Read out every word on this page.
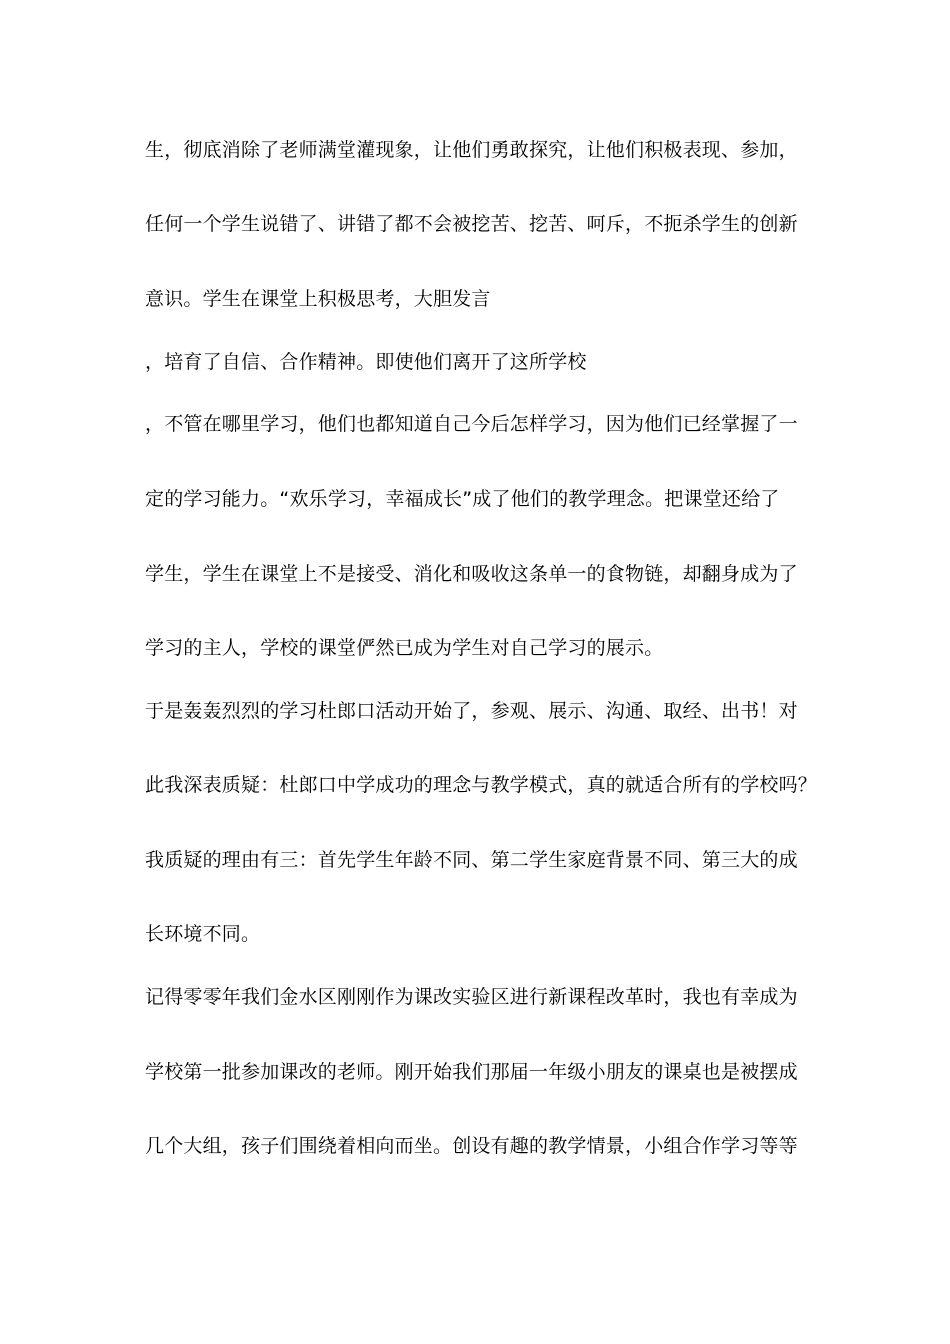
生，彻底消除了老师满堂灌现象，让他们勇敢探究，让他们积极表现、参加，
任何一个学生说错了、讲错了都不会被挖苦、挖苦、呵斥，不扼杀学生的创新
意识。学生在课堂上积极思考，大胆发言
，培育了自信、合作精神。即使他们离开了这所学校
，不管在哪里学习，他们也都知道自己今后怎样学习，因为他们已经掌握了一
定的学习能力。“欢乐学习，幸福成长”成了他们的教学理念。把课堂还给了
学生，学生在课堂上不是接受、消化和吸收这条单一的食物链，却翻身成为了
学习的主人，学校的课堂俨然已成为学生对自己学习的展示。
于是轰轰烈烈的学习杜郎口活动开始了，参观、展示、沟通、取经、出书！对
此我深表质疑：杜郎口中学成功的理念与教学模式，真的就适合所有的学校吗？
我质疑的理由有三：首先学生年龄不同、第二学生家庭背景不同、第三大的成
长环境不同。
记得零零年我们金水区刚刚作为课改实验区进行新课程改革时，我也有幸成为
学校第一批参加课改的老师。刚开始我们那届一年级小朋友的课桌也是被摆成
几个大组，孩子们围绕着相向而坐。创设有趣的教学情景，小组合作学习等等
